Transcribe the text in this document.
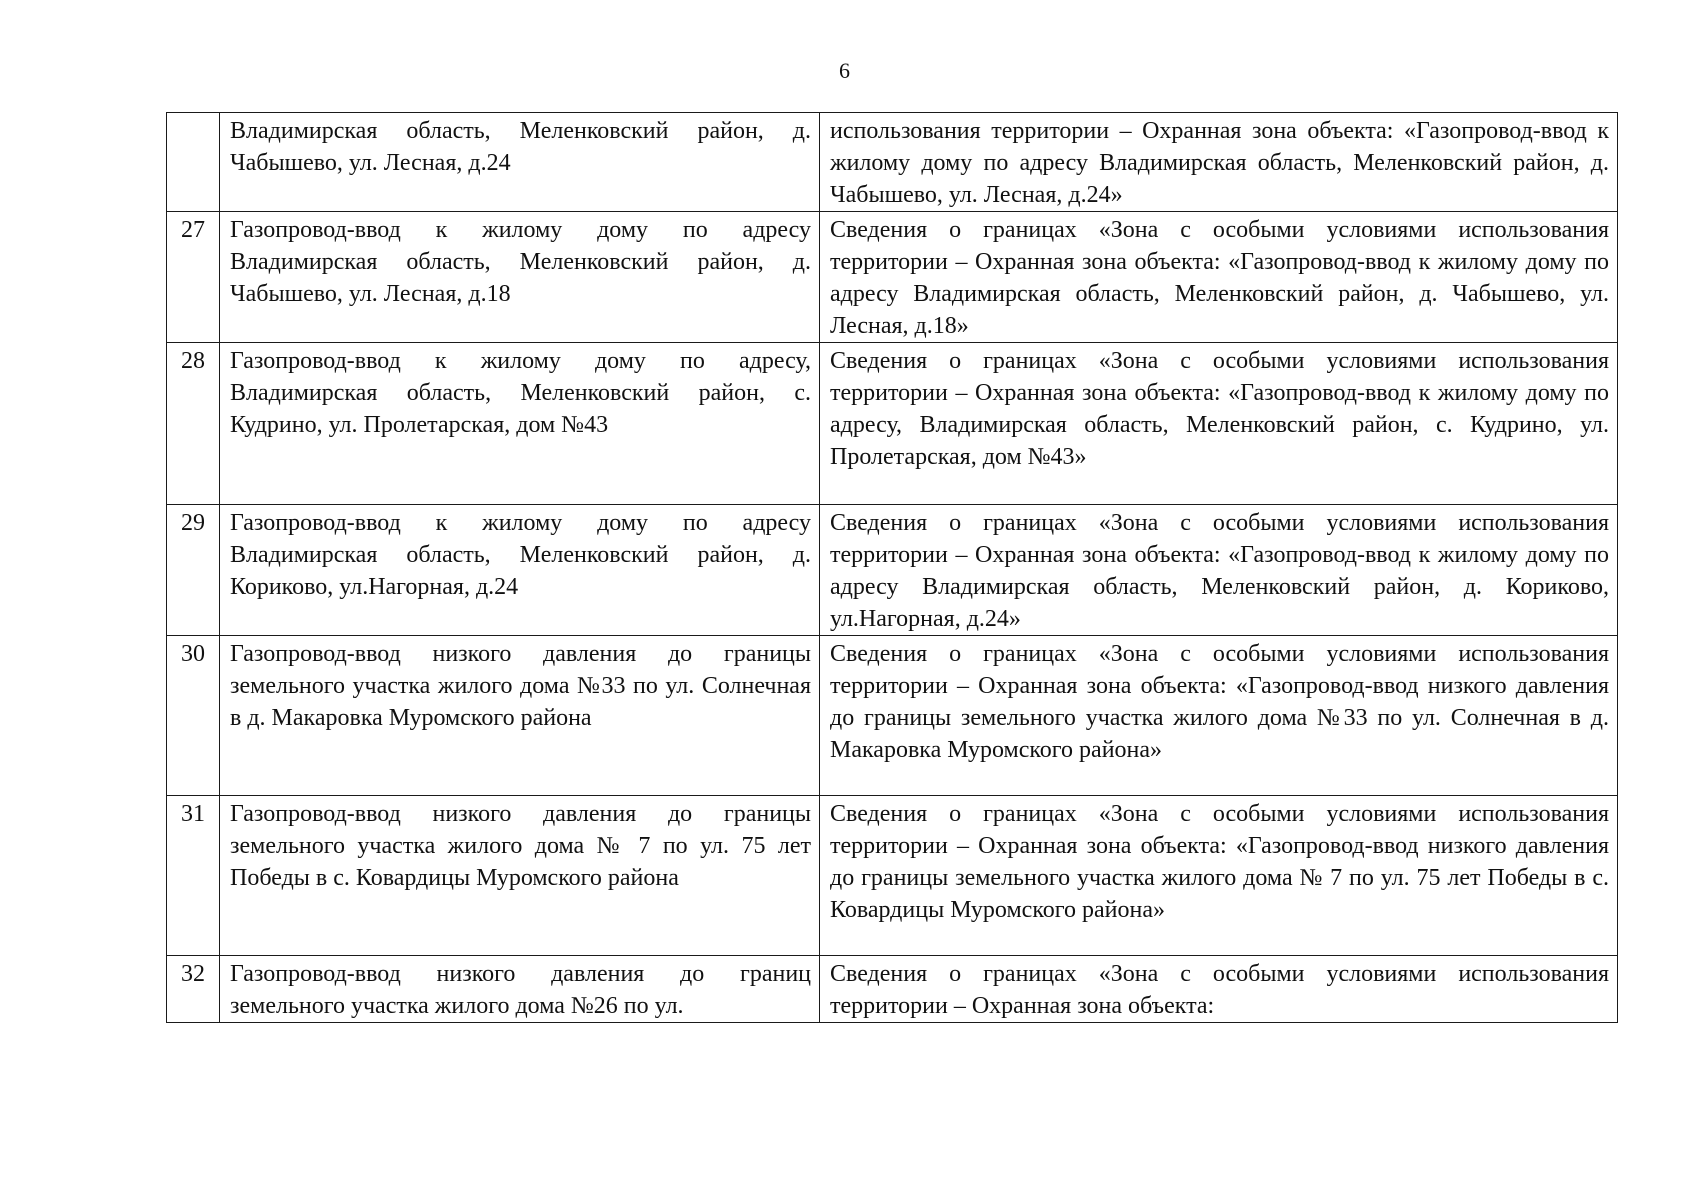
6
	Владимирская область, Меленковский район, д. Чабышево, ул. Лесная, д.24	использования территории – Охранная зона объекта: «Газопровод-ввод к жилому дому по адресу Владимирская область, Меленковский район, д. Чабышево, ул. Лесная, д.24»
27	Газопровод-ввод к жилому дому по адресу Владимирская область, Меленковский район, д. Чабышево, ул. Лесная, д.18	Сведения о границах «Зона с особыми условиями использования территории – Охранная зона объекта: «Газопровод-ввод к жилому дому по адресу Владимирская область, Меленковский район, д. Чабышево, ул. Лесная, д.18»
28	Газопровод-ввод к жилому дому по адресу, Владимирская область, Меленковский район, с. Кудрино, ул. Пролетарская, дом №43	Сведения о границах «Зона с особыми условиями использования территории – Охранная зона объекта: «Газопровод-ввод к жилому дому по адресу, Владимирская область, Меленковский район, с. Кудрино, ул. Пролетарская, дом №43»
29	Газопровод-ввод к жилому дому по адресу Владимирская область, Меленковский район, д. Кориково, ул.Нагорная, д.24	Сведения о границах «Зона с особыми условиями использования территории – Охранная зона объекта: «Газопровод-ввод к жилому дому по адресу Владимирская область, Меленковский район, д. Кориково, ул.Нагорная, д.24»
30	Газопровод-ввод низкого давления до границы земельного участка жилого дома №33 по ул. Солнечная в д. Макаровка Муромского района	Сведения о границах «Зона с особыми условиями использования территории – Охранная зона объекта: «Газопровод-ввод низкого давления до границы земельного участка жилого дома №33 по ул. Солнечная в д. Макаровка Муромского района»
31	Газопровод-ввод низкого давления до границы земельного участка жилого дома № 7 по ул. 75 лет Победы в с. Ковардицы Муромского района	Сведения о границах «Зона с особыми условиями использования территории – Охранная зона объекта: «Газопровод-ввод низкого давления до границы земельного участка жилого дома № 7 по ул. 75 лет Победы в с. Ковардицы Муромского района»
32	Газопровод-ввод низкого давления до границ земельного участка жилого дома №26 по ул.	Сведения о границах «Зона с особыми условиями использования территории – Охранная зона объекта:
